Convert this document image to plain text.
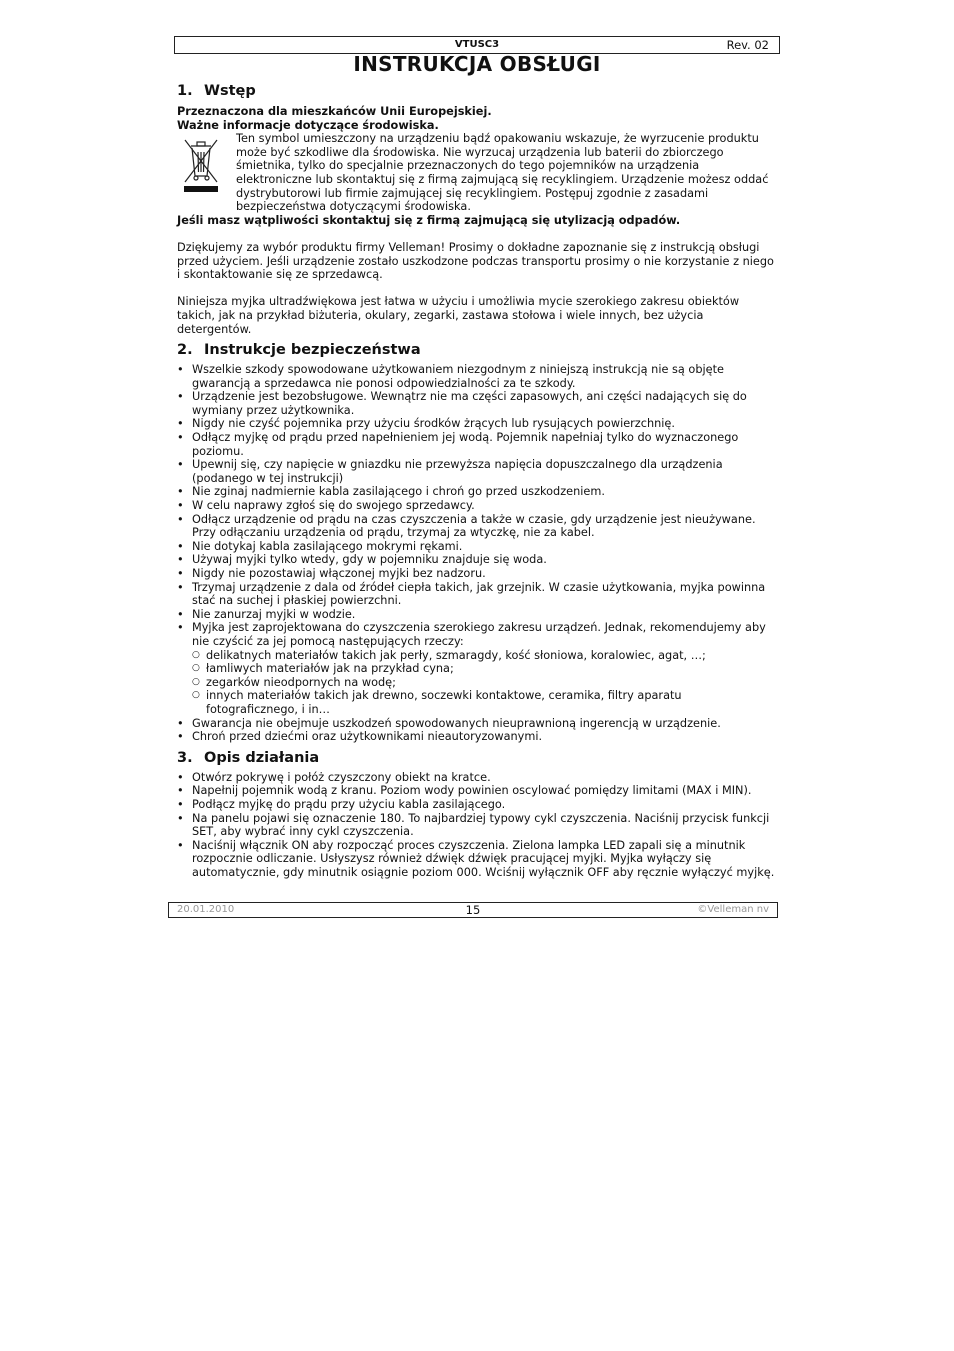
VTUSC3	Rev. 02
INSTRUKCJA OBSŁUGI
1. Wstęp

Przeznaczona dla mieszkańców Unii Europejskiej.

Ważne informacje dotyczące środowiska.

Ten symbol umieszczony na urządzeniu bądź opakowaniu wskazuje, że wyrzucenie produktu może być szkodliwe dla środowiska. Nie wyrzucaj urządzenia lub baterii do zbiorczego śmietnika, tylko do specjalnie przeznaczonych do tego pojemników na urządzenia elektroniczne lub skontaktuj się z firmą zajmującą się recyklingiem. Urządzenie możesz oddać dystrybutorowi lub firmie zajmującej się recyklingiem. Postępuj zgodnie z zasadami bezpieczeństwa dotyczącymi środowiska.

Jeśli masz wątpliwości skontaktuj się z firmą zajmującą się utylizacją odpadów.

Dziękujemy za wybór produktu firmy Velleman! Prosimy o dokładne zapoznanie się z instrukcją obsługi przed użyciem. Jeśli urządzenie zostało uszkodzone podczas transportu prosimy o nie korzystanie z niego i skontaktowanie się ze sprzedawcą.

Niniejsza myjka ultradźwiękowa jest łatwa w użyciu i umożliwia mycie szerokiego zakresu obiektów takich, jak na przykład biżuteria, okulary, zegarki, zastawa stołowa i wiele innych, bez użycia detergentów.

2. Instrukcje bezpieczeństwa
• Wszelkie szkody spowodowane użytkowaniem niezgodnym z niniejszą instrukcją nie są objęte gwarancją a sprzedawca nie ponosi odpowiedzialności za te szkody.
• Urządzenie jest bezobsługowe. Wewnątrz nie ma części zapasowych, ani części nadających się do wymiany przez użytkownika.
• Nigdy nie czyść pojemnika przy użyciu środków żrących lub rysujących powierzchnię.
• Odłącz myjkę od prądu przed napełnieniem jej wodą. Pojemnik napełniaj tylko do wyznaczonego poziomu.
• Upewnij się, czy napięcie w gniazdku nie przewyższa napięcia dopuszczalnego dla urządzenia (podanego w tej instrukcji)
• Nie zginaj nadmiernie kabla zasilającego i chroń go przed uszkodzeniem.
• W celu naprawy zgłoś się do swojego sprzedawcy.
• Odłącz urządzenie od prądu na czas czyszczenia a także w czasie, gdy urządzenie jest nieużywane. Przy odłączaniu urządzenia od prądu, trzymaj za wtyczkę, nie za kabel.
• Nie dotykaj kabla zasilającego mokrymi rękami.
• Używaj myjki tylko wtedy, gdy w pojemniku znajduje się woda.
• Nigdy nie pozostawiaj włączonej myjki bez nadzoru.
• Trzymaj urządzenie z dala od źródeł ciepła takich, jak grzejnik. W czasie użytkowania, myjka powinna stać na suchej i płaskiej powierzchni.
• Nie zanurzaj myjki w wodzie.
• Myjka jest zaprojektowana do czyszczenia szerokiego zakresu urządzeń. Jednak, rekomendujemy aby nie czyścić za jej pomocą następujących rzeczy:
○ delikatnych materiałów takich jak perły, szmaragdy, kość słoniowa, koralowiec, agat, …;
○ łamliwych materiałów jak na przykład cyna;
○ zegarków nieodpornych na wodę;
○ innych materiałów takich jak drewno, soczewki kontaktowe, ceramika, filtry aparatu fotograficznego, i in…
• Gwarancja nie obejmuje uszkodzeń spowodowanych nieuprawnioną ingerencją w urządzenie.
• Chroń przed dziećmi oraz użytkownikami nieautoryzowanymi.
3. Opis działania
• Otwórz pokrywę i połóż czyszczony obiekt na kratce.
• Napełnij pojemnik wodą z kranu. Poziom wody powinien oscylować pomiędzy limitami (MAX i MIN).
• Podłącz myjkę do prądu przy użyciu kabla zasilającego.
• Na panelu pojawi się oznaczenie 180. To najbardziej typowy cykl czyszczenia. Naciśnij przycisk funkcji SET, aby wybrać inny cykl czyszczenia.
• Naciśnij włącznik ON aby rozpocząć proces czyszczenia. Zielona lampka LED zapali się a minutnik rozpocznie odliczanie. Usłyszysz również dźwięk dźwięk pracującej myjki. Myjka wyłączy się automatycznie, gdy minutnik osiągnie poziom 000. Wciśnij wyłącznik OFF aby ręcznie wyłączyć myjkę.
20.01.2010	15	©Velleman nv
